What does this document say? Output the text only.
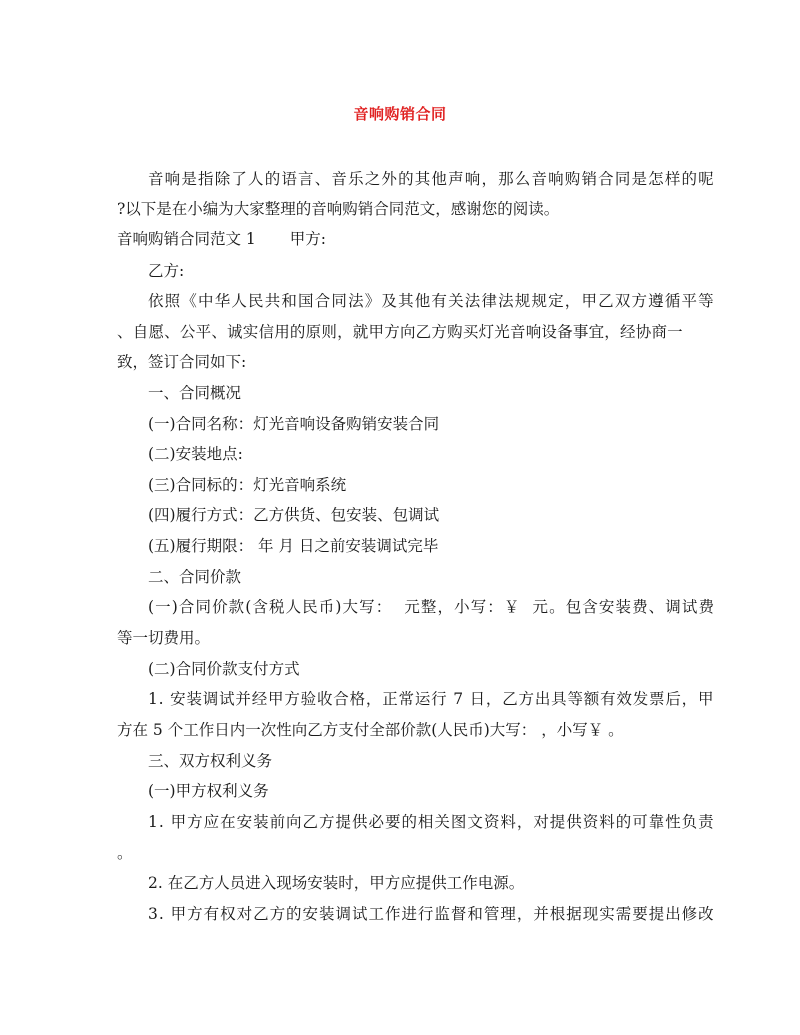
音响购销合同
音 响 是 指 除 了 人 的 语 言 、 音 乐 之 外 的 其 他 声 响 ， 那 么 音 响 购 销 合 同 是 怎 样 的 呢
?以下是在小编为大家整理的音响购销合同范文，感谢您的阅读。
音响购销合同范文 1 甲方:
乙方:
依 照 《 中 华 人 民 共 和 国 合 同 法 》 及 其 他 有 关 法 律 法 规 规 定 ， 甲 乙 双 方 遵 循 平 等
、 自 愿 、 公 平 、 诚 实 信 用 的 原 则 ， 就 甲 方 向 乙 方 购 买 灯 光 音 响 设 备 事 宜 ， 经 协 商 一
致，签订合同如下:
一、合同概况
(一)合同名称：灯光音响设备购销安装合同
(二)安装地点:
(三)合同标的：灯光音响系统
(四)履行方式：乙方供货、包安装、包调试
(五)履行期限： 年 月 日之前安装调试完毕
二、合同价款
( 一 ) 合 同 价 款 ( 含 税 人 民 币 ) 大 写 ：

元 整 ， 小 写 ： ￥

元 。 包 含 安 装 费 、 调 试 费
等一切费用。
(二)合同价款支付方式
1 .
安 装 调 试 并 经 甲 方 验 收 合 格 ， 正 常 运 行
7
日 ， 乙 方 出 具 等 额 有 效 发 票 后 ， 甲
方在 5 个工作日内一次性向乙方支付全部价款(人民币)大写： ，小写￥ 。
三、双方权利义务
(一)甲方权利义务
1 .
甲 方 应 在 安 装 前 向 乙 方 提 供 必 要 的 相 关 图 文 资 料 ， 对 提 供 资 料 的 可 靠 性 负 责
。
2. 在乙方人员进入现场安装时，甲方应提供工作电源。
3 .
甲 方 有 权 对 乙 方 的 安 装 调 试 工 作 进 行 监 督 和 管 理 ， 并 根 据 现 实 需 要 提 出 修 改
